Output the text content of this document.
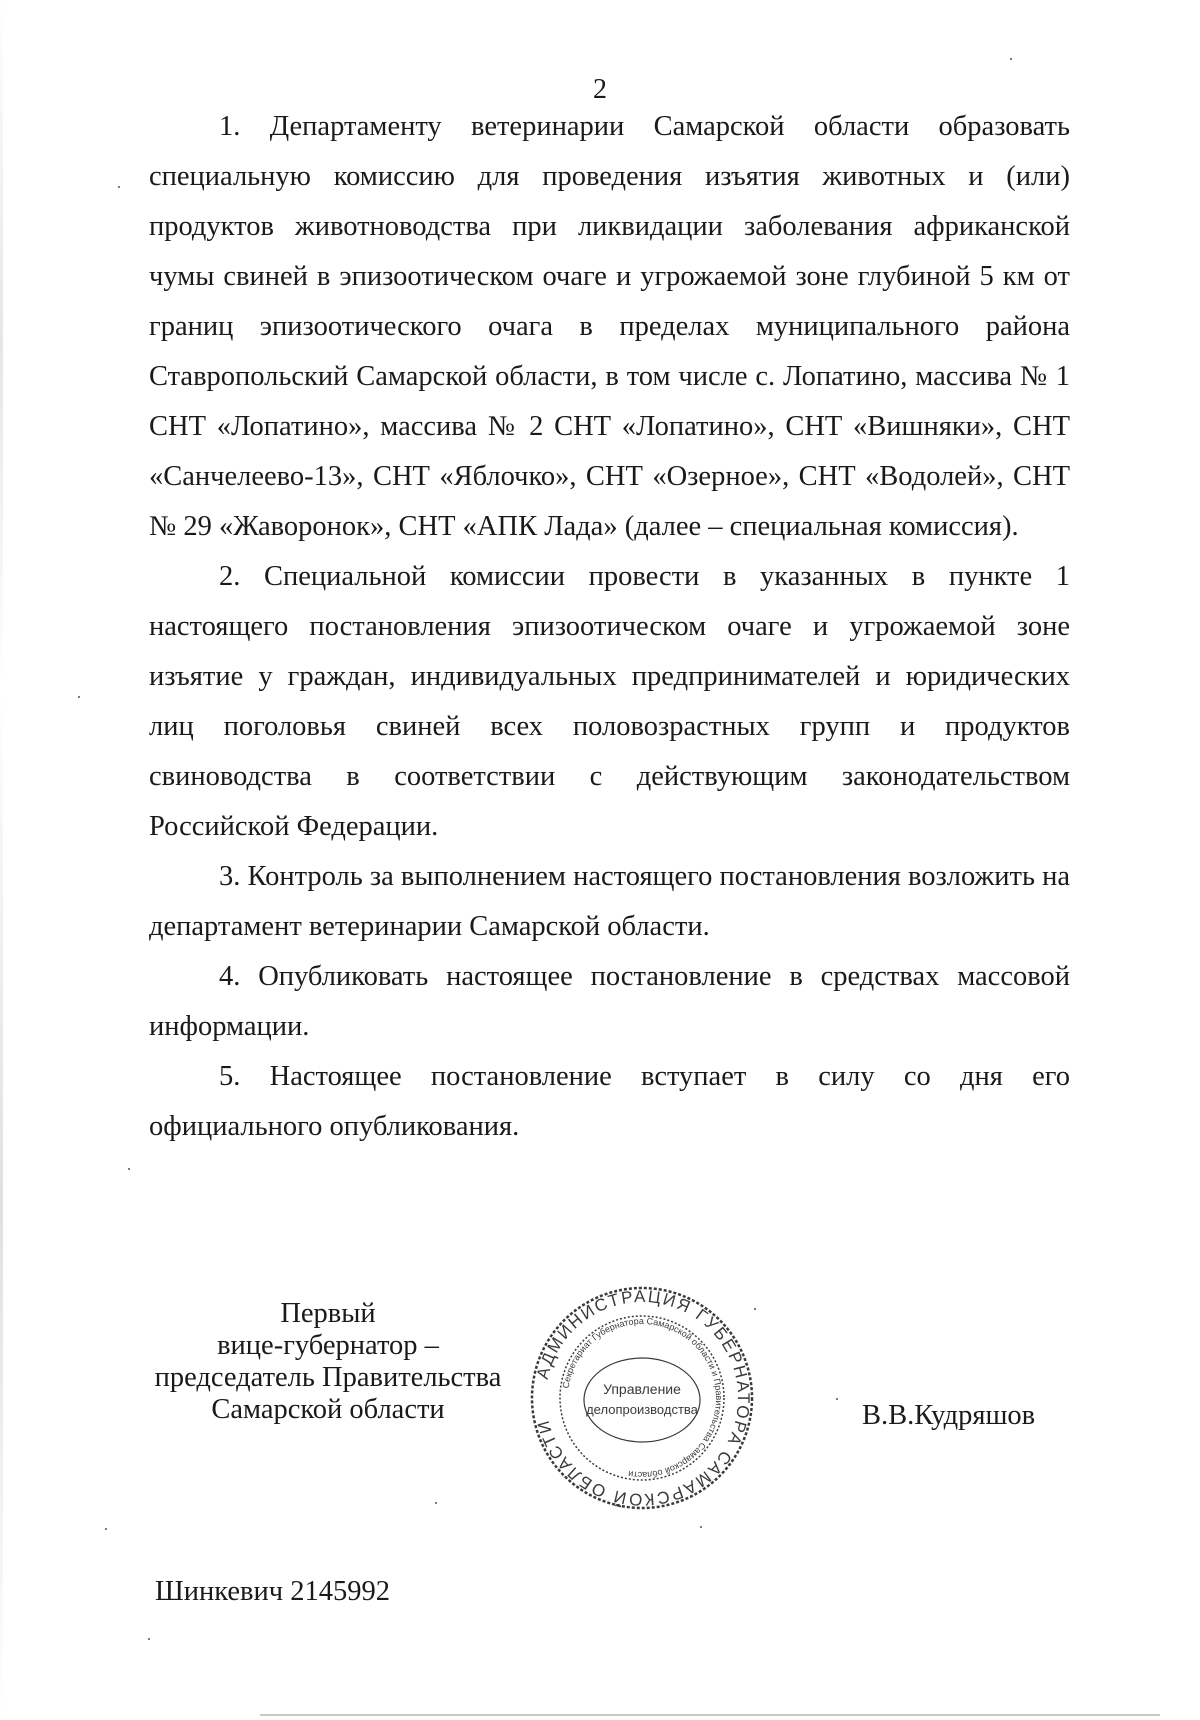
2

1. Департаменту ветеринарии Самарской области образовать специальную комиссию для проведения изъятия животных и (или) продуктов животноводства при ликвидации заболевания африканской чумы свиней в эпизоотическом очаге и угрожаемой зоне глубиной 5 км от границ эпизоотического очага в пределах муниципального района Ставропольский Самарской области, в том числе с. Лопатино, массива № 1 СНТ «Лопатино», массива № 2 СНТ «Лопатино», СНТ «Вишняки», СНТ «Санчелеево-13», СНТ «Яблочко», СНТ «Озерное», СНТ «Водолей», СНТ № 29 «Жаворонок», СНТ «АПК Лада» (далее – специальная комиссия).

2. Специальной комиссии провести в указанных в пункте 1 настоящего постановления эпизоотическом очаге и угрожаемой зоне изъятие у граждан, индивидуальных предпринимателей и юридических лиц поголовья свиней всех половозрастных групп и продуктов свиноводства в соответствии с действующим законодательством Российской Федерации.

3. Контроль за выполнением настоящего постановления возложить на департамент ветеринарии Самарской области.

4. Опубликовать настоящее постановление в средствах массовой информации.

5. Настоящее постановление вступает в силу со дня его официального опубликования.

Первый
вице-губернатор –
председатель Правительства
Самарской области
АДМИНИСТРАЦИЯ ГУБЕРНАТОРА САМАРСКОЙ ОБЛАСТИ
Секретариат Губернатора Самарской области и Правительства Самарской области
Управление
делопроизводства	В.В.Кудряшов
Шинкевич 2145992
